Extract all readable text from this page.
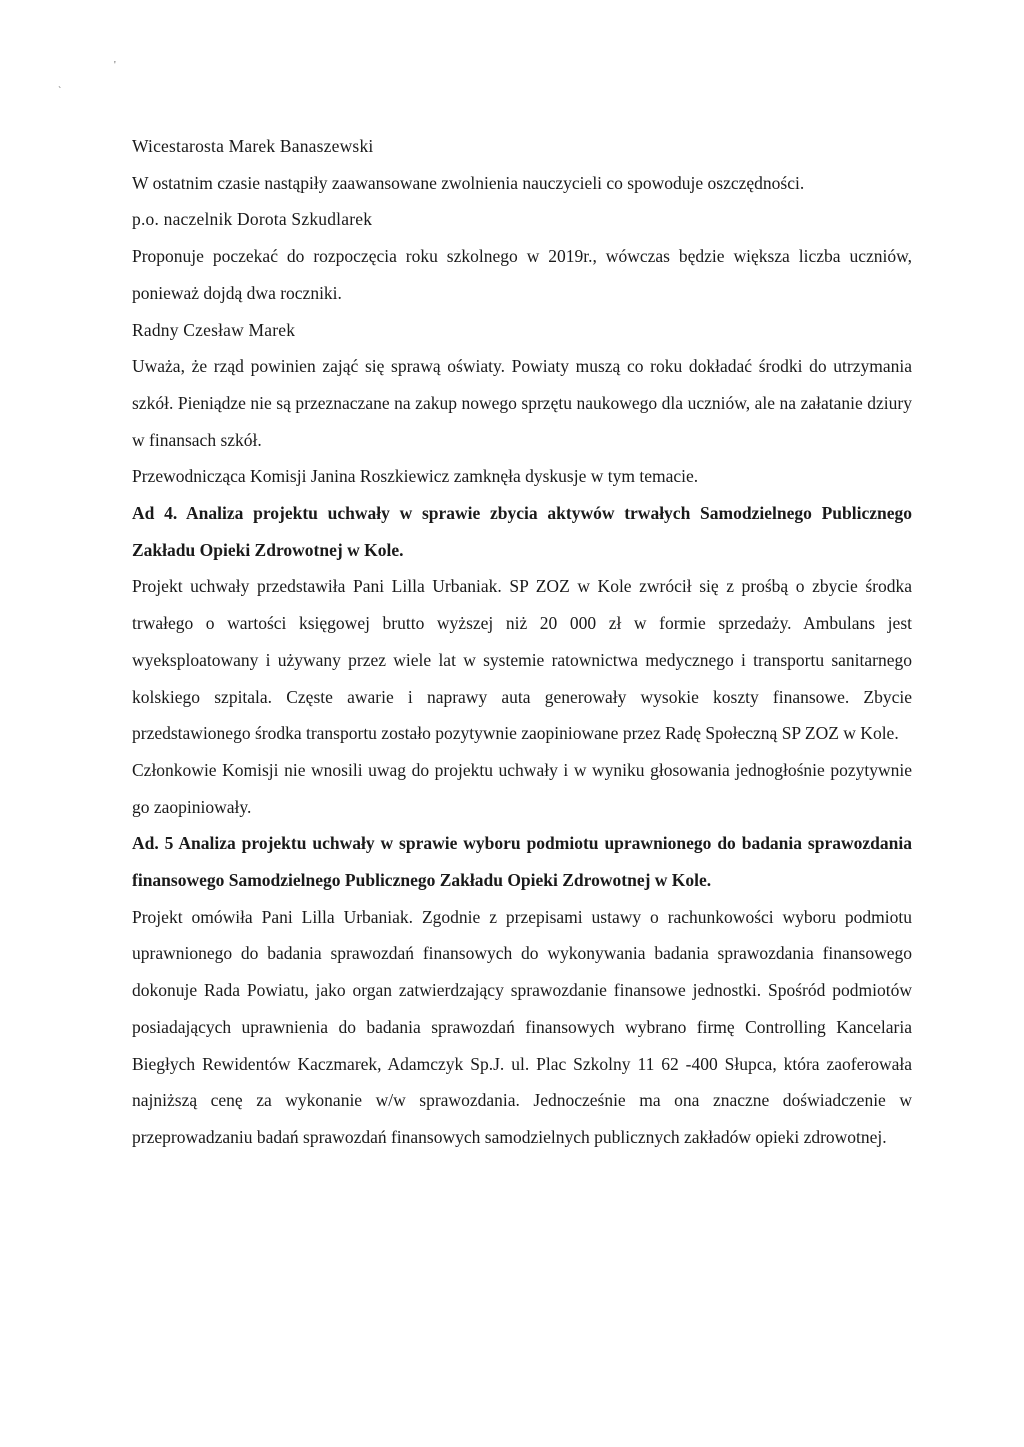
'
`

Wicestarosta Marek Banaszewski

W ostatnim czasie nastąpiły zaawansowane zwolnienia nauczycieli co spowoduje oszczędności.

p.o. naczelnik Dorota Szkudlarek

Proponuje poczekać do rozpoczęcia roku szkolnego w 2019r., wówczas będzie większa liczba uczniów, ponieważ dojdą dwa roczniki.

Radny Czesław Marek

Uważa, że rząd powinien zająć się sprawą oświaty. Powiaty muszą co roku dokładać środki do utrzymania szkół. Pieniądze nie są przeznaczane na zakup nowego sprzętu naukowego dla uczniów, ale na załatanie dziury w finansach szkół.

Przewodnicząca Komisji Janina Roszkiewicz zamknęła dyskusje w tym temacie.

Ad 4. Analiza projektu uchwały w sprawie zbycia aktywów trwałych Samodzielnego Publicznego Zakładu Opieki Zdrowotnej w Kole.

Projekt uchwały przedstawiła Pani Lilla Urbaniak. SP ZOZ w Kole zwrócił się z prośbą o zbycie środka trwałego o wartości księgowej brutto wyższej niż 20 000 zł w formie sprzedaży. Ambulans jest wyeksploatowany i używany przez wiele lat w systemie ratownictwa medycznego i transportu sanitarnego kolskiego szpitala. Częste awarie i naprawy auta generowały wysokie koszty finansowe. Zbycie przedstawionego środka transportu zostało pozytywnie zaopiniowane przez Radę Społeczną SP ZOZ w Kole.

Członkowie Komisji nie wnosili uwag do projektu uchwały i w wyniku głosowania jednogłośnie pozytywnie go zaopiniowały.

Ad. 5 Analiza projektu uchwały w sprawie wyboru podmiotu uprawnionego do badania sprawozdania finansowego Samodzielnego Publicznego Zakładu Opieki Zdrowotnej w Kole.

Projekt omówiła Pani Lilla Urbaniak. Zgodnie z przepisami ustawy o rachunkowości wyboru podmiotu uprawnionego do badania sprawozdań finansowych do wykonywania badania sprawozdania finansowego dokonuje Rada Powiatu, jako organ zatwierdzający sprawozdanie finansowe jednostki. Spośród podmiotów posiadających uprawnienia do badania sprawozdań finansowych wybrano firmę Controlling Kancelaria Biegłych Rewidentów Kaczmarek, Adamczyk Sp.J. ul. Plac Szkolny 11 62 -400 Słupca, która zaoferowała najniższą cenę za wykonanie w/w sprawozdania. Jednocześnie ma ona znaczne doświadczenie w przeprowadzaniu badań sprawozdań finansowych samodzielnych publicznych zakładów opieki zdrowotnej.
